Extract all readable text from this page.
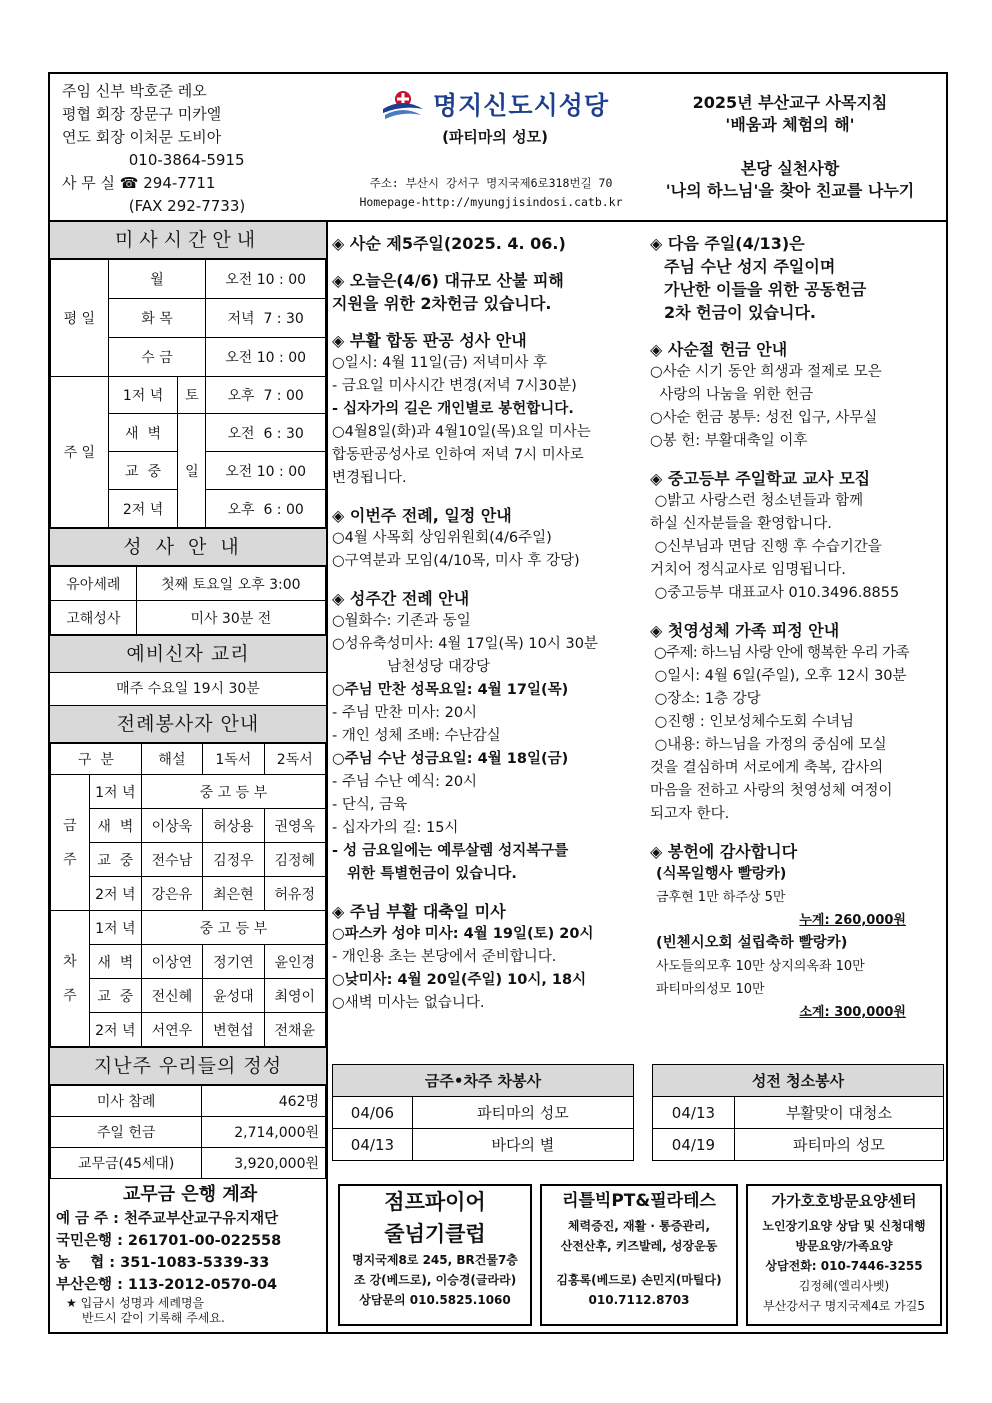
주임 신부 박호준 레오
평협 회장 장문구 미카엘
연도 회장 이처문 도비아
010-3864-5915
사 무 실 ☎ 294-7711
(FAX 292-7733)
명지신도시성당
(파티마의 성모)
주소: 부산시 강서구 명지국제6로318번길 70
Homepage-http://myungjisindosi.catb.kr
2025년 부산교구 사목지침
'배움과 체험의 해'
본당 실천사항
'나의 하느님'을 찾아 친교를 나누기
미사시간안내
평 일	월		오전 10 : 00
	화 목		저녁  7 : 30
	수 금		오전 10 : 00
주 일	1저 녁	토	오후  7 : 00
	새  벽	일	오전  6 : 30
	교  중		오전 10 : 00
	2저 녁		오후  6 : 00
성사안내
유아세례	첫째 토요일 오후 3:00
고해성사	미사 30분 전
예비신자 교리
매주 수요일 19시 30분
전례봉사자 안내
구  분		해설	1독서	2독서
금 주	1저 녁	중 고 등 부		
	새  벽	이상욱	허상용	권영옥
	교  중	전수남	김정우	김정혜
	2저 녁	강은유	최은현	허유정
차 주	1저 녁	중 고 등 부		
	새  벽	이상연	정기연	윤인경
	교  중	전신혜	윤성대	최영이
	2저 녁	서연우	변현섭	전채윤
지난주 우리들의 정성
미사 참례	462명
주일 헌금	2,714,000원
교무금(45세대)	3,920,000원
교무금 은행 계좌
예 금 주 : 천주교부산교구유지재단
국민은행 : 261701-00-022558
농    협 : 351-1083-5339-33
부산은행 : 113-2012-0570-04
★ 입금시 성명과 세례명을
반드시 같이 기록해 주세요.
◈ 사순 제5주일(2025. 4. 06.)
◈ 오늘은(4/6) 대규모 산불 피해
지원을 위한 2차헌금 있습니다.
◈ 부활 합동 판공 성사 안내
○일시: 4월 11일(금) 저녁미사 후
- 금요일 미사시간 변경(저녁 7시30분)
- 십자가의 길은 개인별로 봉헌합니다.
○4월8일(화)과 4월10일(목)요일 미사는
합동판공성사로 인하여 저녁 7시 미사로
변경됩니다.
◈ 이번주 전례, 일정 안내
○4월 사목회 상임위원회(4/6주일)
○구역분과 모임(4/10목, 미사 후 강당)
◈ 성주간 전례 안내
○월화수: 기존과 동일
○성유축성미사: 4월 17일(목) 10시 30분
남천성당 대강당
○주님 만찬 성목요일: 4월 17일(목)
- 주님 만찬 미사: 20시
- 개인 성체 조배: 수난감실
○주님 수난 성금요일: 4월 18일(금)
- 주님 수난 예식: 20시
- 단식, 금육
- 십자가의 길: 15시
- 성 금요일에는 예루살렘 성지복구를
위한 특별헌금이 있습니다.
◈ 주님 부활 대축일 미사
○파스카 성야 미사: 4월 19일(토) 20시
- 개인용 초는 본당에서 준비합니다.
○낮미사: 4월 20일(주일) 10시, 18시
○새벽 미사는 없습니다.
◈ 다음 주일(4/13)은
주님 수난 성지 주일이며
가난한 이들을 위한 공동헌금
2차 헌금이 있습니다.
◈ 사순절 헌금 안내
○사순 시기 동안 희생과 절제로 모은
사랑의 나눔을 위한 헌금
○사순 헌금 봉투: 성전 입구, 사무실
○봉 헌: 부활대축일 이후
◈ 중고등부 주일학교 교사 모집
○밝고 사랑스런 청소년들과 함께
하실 신자분들을 환영합니다.
○신부님과 면담 진행 후 수습기간을
거치어 정식교사로 임명됩니다.
○중고등부 대표교사 010.3496.8855
◈ 첫영성체 가족 피정 안내
○주제: 하느님 사랑 안에 행복한 우리 가족
○일시: 4월 6일(주일), 오후 12시 30분
○장소: 1층 강당
○진행 : 인보성체수도회 수녀님
○내용: 하느님을 가정의 중심에 모실
것을 결심하며 서로에게 축복, 감사의
마음을 전하고 사랑의 첫영성체 여정이
되고자 한다.
◈ 봉헌에 감사합니다
(식목일행사 빨랑카)
금후현 1만 하주상 5만
누계: 260,000원
(빈첸시오회 설립축하 빨랑카)
사도들의모후 10만 상지의옥좌 10만
파티마의성모 10만
소계: 300,000원
금주•차주 차봉사	
04/06	파티마의 성모
04/13	바다의 별
성전 청소봉사	
04/13	부활맞이 대청소
04/19	파티마의 성모
점프파이어
줄넘기클럽
명지국제8로 245, BR건물7층
조 강(베드로), 이승경(글라라)
상담문의 010.5825.1060
리틀빅PT&필라테스
체력증진, 재활 · 통증관리,
산전산후, 키즈발레, 성장운동
김홍록(베드로) 손민지(마틸다)
010.7112.8703
가가호호방문요양센터
노인장기요양 상담 및 신청대행
방문요양/가족요양
상담전화: 010-7446-3255
김정혜(엘리사벳)
부산강서구 명지국제4로 가길5
